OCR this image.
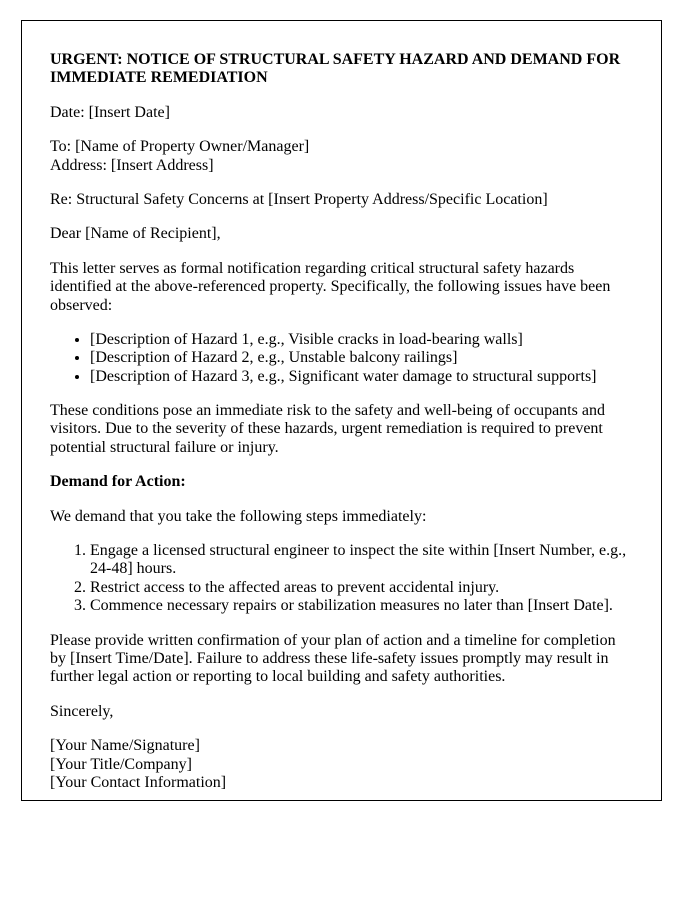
URGENT: NOTICE OF STRUCTURAL SAFETY HAZARD AND DEMAND FOR IMMEDIATE REMEDIATION

Date: [Insert Date]

To: [Name of Property Owner/Manager]
Address: [Insert Address]

Re: Structural Safety Concerns at [Insert Property Address/Specific Location]

Dear [Name of Recipient],

This letter serves as formal notification regarding critical structural safety hazards identified at the above-referenced property. Specifically, the following issues have been observed:

• [Description of Hazard 1, e.g., Visible cracks in load-bearing walls]
• [Description of Hazard 2, e.g., Unstable balcony railings]
• [Description of Hazard 3, e.g., Significant water damage to structural supports]

These conditions pose an immediate risk to the safety and well-being of occupants and visitors. Due to the severity of these hazards, urgent remediation is required to prevent potential structural failure or injury.

Demand for Action:

We demand that you take the following steps immediately:

1. Engage a licensed structural engineer to inspect the site within [Insert Number, e.g., 24-48] hours.
2. Restrict access to the affected areas to prevent accidental injury.
3. Commence necessary repairs or stabilization measures no later than [Insert Date].

Please provide written confirmation of your plan of action and a timeline for completion by [Insert Time/Date]. Failure to address these life-safety issues promptly may result in further legal action or reporting to local building and safety authorities.

Sincerely,

[Your Name/Signature]
[Your Title/Company]
[Your Contact Information]
